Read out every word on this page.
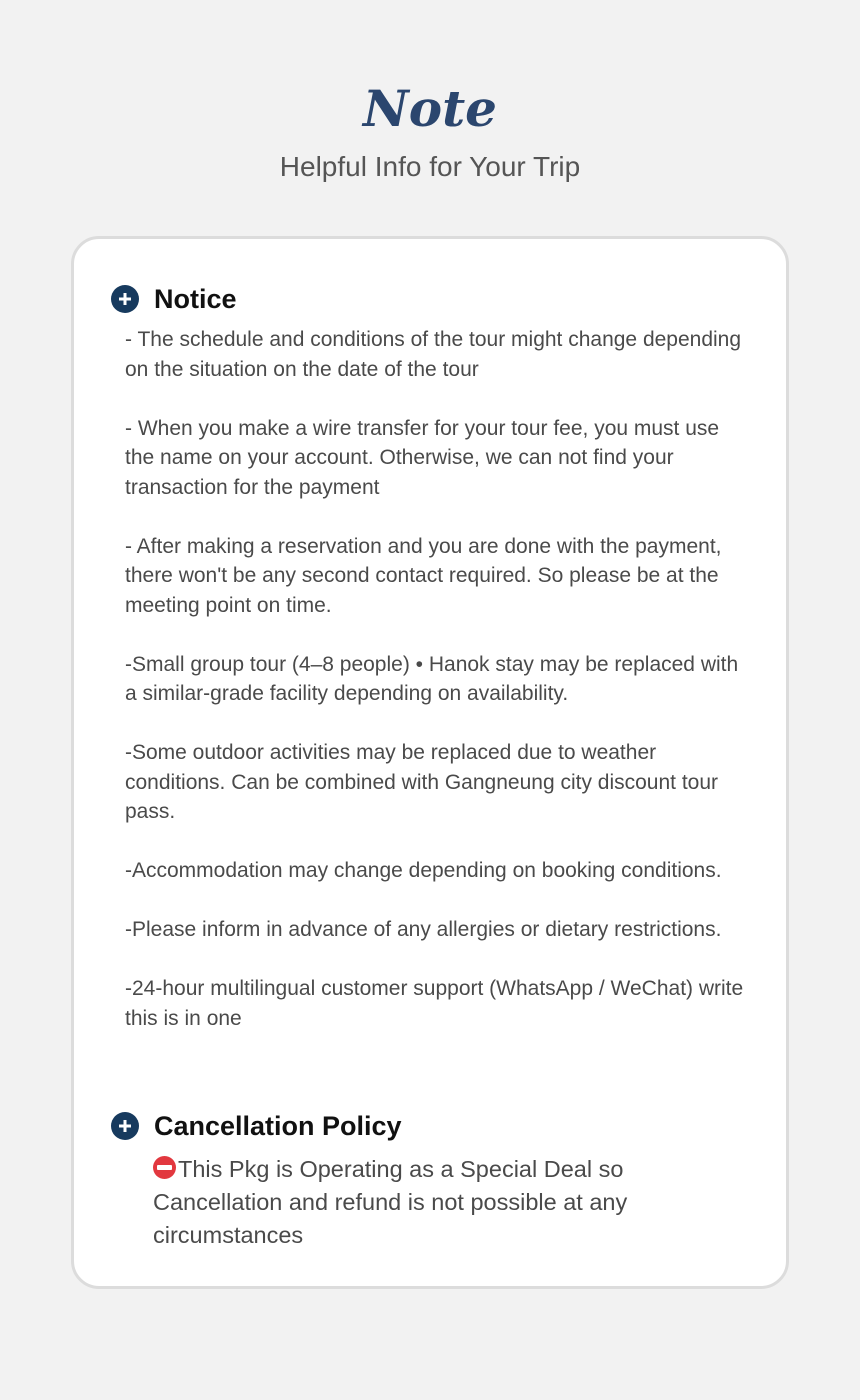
Note

Helpful Info for Your Trip

Notice
- The schedule and conditions of the tour might change depending on the situation on the date of the tour
- When you make a wire transfer for your tour fee, you must use the name on your account. Otherwise, we can not find your transaction for the payment
- After making a reservation and you are done with the payment, there won't be any second contact required. So please be at the meeting point on time.
-Small group tour (4–8 people) • Hanok stay may be replaced with a similar-grade facility depending on availability.
-Some outdoor activities may be replaced due to weather conditions. Can be combined with Gangneung city discount tour pass.
-Accommodation may change depending on booking conditions.
-Please inform in advance of any allergies or dietary restrictions.
-24-hour multilingual customer support (WhatsApp / WeChat) write this is in one
Cancellation Policy

This Pkg is Operating as a Special Deal so Cancellation and refund is not possible at any circumstances
